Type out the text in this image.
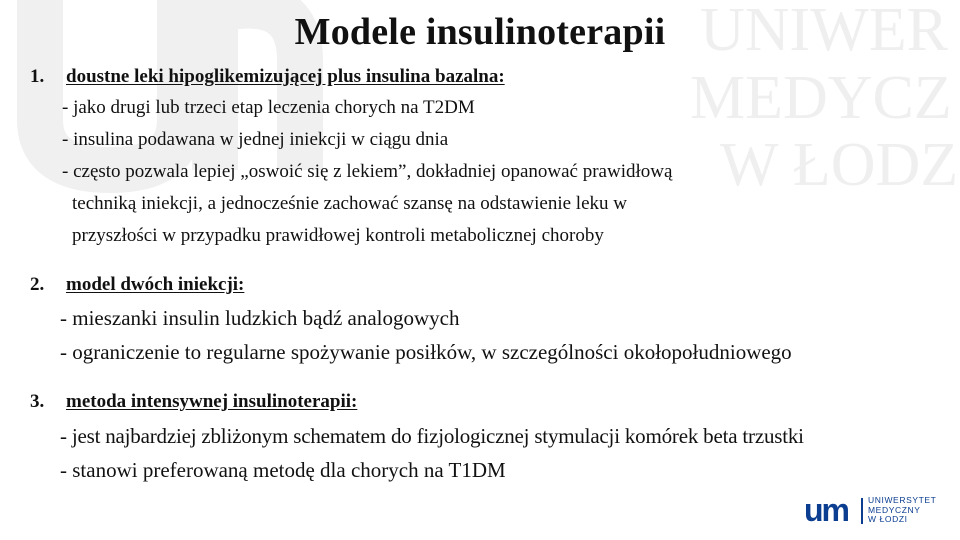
UNIWER
MEDYCZ
W ŁODZ
Modele insulinoterapii
1. doustne leki hipoglikemizującej plus insulina bazalna:
- jako drugi lub trzeci etap leczenia chorych na T2DM
- insulina podawana w jednej iniekcji w ciągu dnia
- często pozwala lepiej „oswoić się z lekiem”, dokładniej opanować prawidłową
techniką iniekcji, a jednocześnie zachować szansę na odstawienie leku w
przyszłości w przypadku prawidłowej kontroli metabolicznej choroby
2. model dwóch iniekcji:
- mieszanki insulin ludzkich bądź analogowych
- ograniczenie to regularne spożywanie posiłków, w szczególności okołopołudniowego
3. metoda intensywnej insulinoterapii:
- jest najbardziej zbliżonym schematem do fizjologicznej stymulacji komórek beta trzustki
- stanowi preferowaną metodę dla chorych na T1DM
um UNIWERSYTET
MEDYCZNY
W ŁODZI
